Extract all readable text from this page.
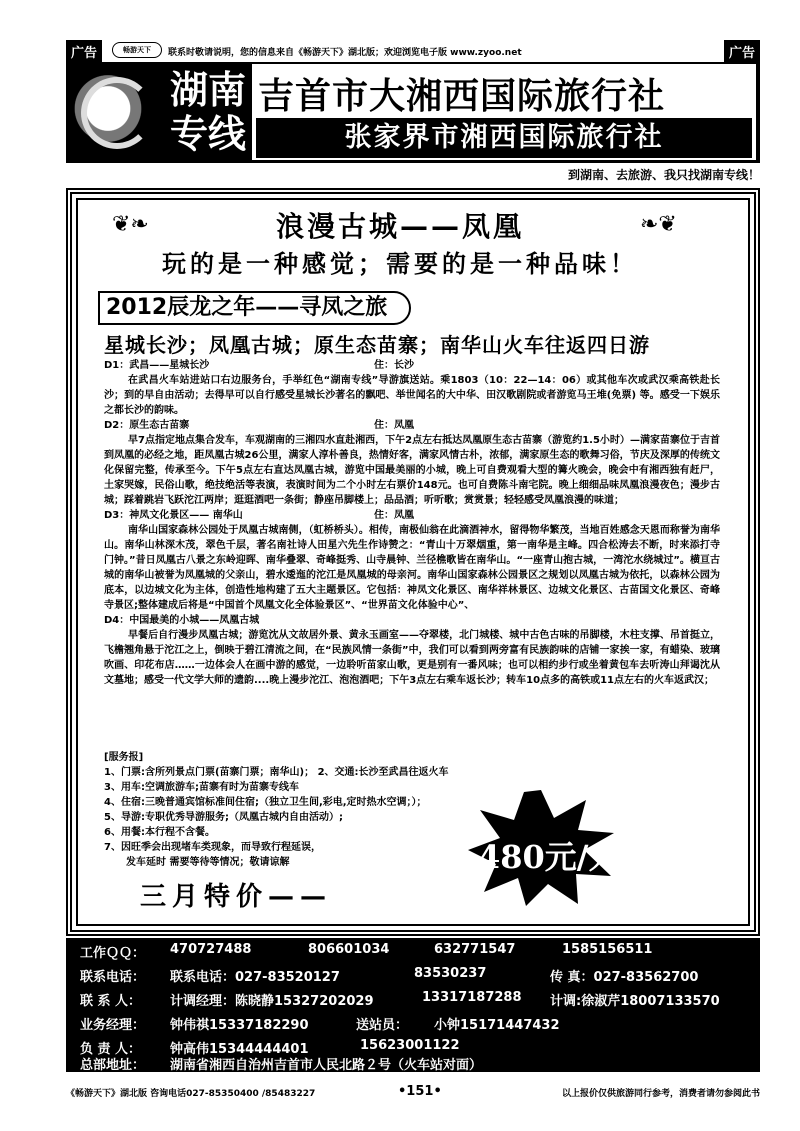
广告	畅游天下	联系时敬请说明，您的信息来自《畅游天下》湖北版；欢迎浏览电子版 www.zyoo.net	广告
湖南专线
吉首市大湘西国际旅行社
张家界市湘西国际旅行社
到湖南、去旅游、我只找湖南专线！
❦❧	❧❦
浪漫古城——凤凰
玩的是一种感觉；需要的是一种品味！
2012辰龙之年——寻凤之旅
星城长沙；凤凰古城；原生态苗寨；南华山火车往返四日游
D1：武昌——星城长沙	住：长沙
在武昌火车站进站口右边服务台，手举红色“湖南专线”导游旗送站。乘1803（10：22—14：06）或其他车次或武汉乘高铁赴长沙；到的早自由活动；去得早可以自行感受星城长沙著名的飘吧、举世闻名的大中华、田汉歌剧院或者游览马王堆(免票) 等。感受一下娱乐之都长沙的韵味。
D2：原生态古苗寨	住：凤凰
早7点指定地点集合发车，车观湖南的三湘四水直赴湘西，下午2点左右抵达凤凰原生态古苗寨（游览约1.5小时）—满家苗寨位于吉首到凤凰的必经之地，距凤凰古城26公里，满家人淳朴善良，热情好客，满家风情古朴，浓郁，满家原生态的歌舞习俗，节庆及深厚的传统文化保留完整，传承至今。下午5点左右直达凤凰古城，游览中国最美丽的小城，晚上可自费观看大型的篝火晚会，晚会中有湘西独有赶尸，土家哭嫁，民俗山歌，绝技绝活等表演，表演时间为二个小时左右票价148元。也可自费陈斗南宅院。晚上细细品味凤凰浪漫夜色；漫步古城；踩着跳岩飞跃沱江两岸；逛逛酒吧一条街；静座吊脚楼上；品品酒；听听歌；赏赏景；轻轻感受凤凰浪漫的味道；
D3：神凤文化景区—— 南华山	住：凤凰
南华山国家森林公园处于凤凰古城南侧，（虹桥桥头）。相传，南极仙翁在此滴酒神水，留得物华繁茂，当地百姓感念天恩而称誉为南华山。南华山林深木茂，翠色千层，著名南社诗人田星六先生作诗赞之：“青山十万翠烟重，第一南华是主峰。四合松涛去不断，时来添打寺门钟。”昔日凤凰古八景之东岭迎晖、南华叠翠、奇峰挺秀、山寺晨钟、兰径樵歌皆在南华山。“一座青山抱古城，一湾沱水绕城过”。横亘古城的南华山被誉为凤凰城的父亲山，碧水逶迤的沱江是凤凰城的母亲河。南华山国家森林公园景区之规划以凤凰古城为依托，以森林公园为底本，以边城文化为主体，创造性地构建了五大主题景区。它包括：神凤文化景区、南华祥林景区、边城文化景区、古苗国文化景区、奇峰寺景区;整体建成后将是“中国首个凤凰文化全体验景区”、“世界苗文化体验中心”、
D4：中国最美的小城——凤凰古城
早餐后自行漫步凤凰古城；游览沈从文故居外景、黄永玉画室——夺翠楼，北门城楼、城中古色古味的吊脚楼，木柱支撑、吊首挺立，飞檐翘角悬于沱江之上，倒映于碧江清流之间，在“民族风情一条街”中，我们可以看到两旁富有民族韵味的店铺一家挨一家，有蜡染、玻璃吹画、印花布店……一边体会人在画中游的感觉，一边聆听苗家山歌，更是别有一番风味；也可以相约步行或坐着黄包车去听涛山拜谒沈从文墓地；感受一代文学大师的遗韵....晚上漫步沱江、泡泡酒吧；下午3点左右乘车返长沙；转车10点多的高铁或11点左右的火车返武汉；
[服务报]
1、门票:含所列景点门票(苗寨门票；南华山)； 2、交通:长沙至武昌往返火车
3、用车:空调旅游车;苗寨有时为苗寨专线车
4、住宿:三晚普通宾馆标准间住宿;（独立卫生间,彩电,定时热水空调；）；
5、导游:专职优秀导游服务;（凤凰古城内自由活动）;
6、用餐:本行程不含餐。
7、因旺季会出现堵车类现象，而导致行程延误，
发车延时 需要等待等情况；敬请谅解	480元/人
三月特价——
工作ＱＱ： 470727488	806601034	632771547	1585156511
联系电话： 联系电话：027-83520127	83530237	传 真：027-83562700
联 系 人： 计调经理：陈晓静15327202029	13317187288 计调:徐淑芹18007133570
业务经理： 钟伟祺15337182290	送站员： 小钟15171447432
负 责 人： 钟高伟15344444401	15623001122
总部地址： 湖南省湘西自治州吉首市人民北路２号（火车站对面）
《畅游天下》湖北版 咨询电话027-85350400 /85483227	•151•	以上报价仅供旅游同行参考，消费者请勿参阅此书
